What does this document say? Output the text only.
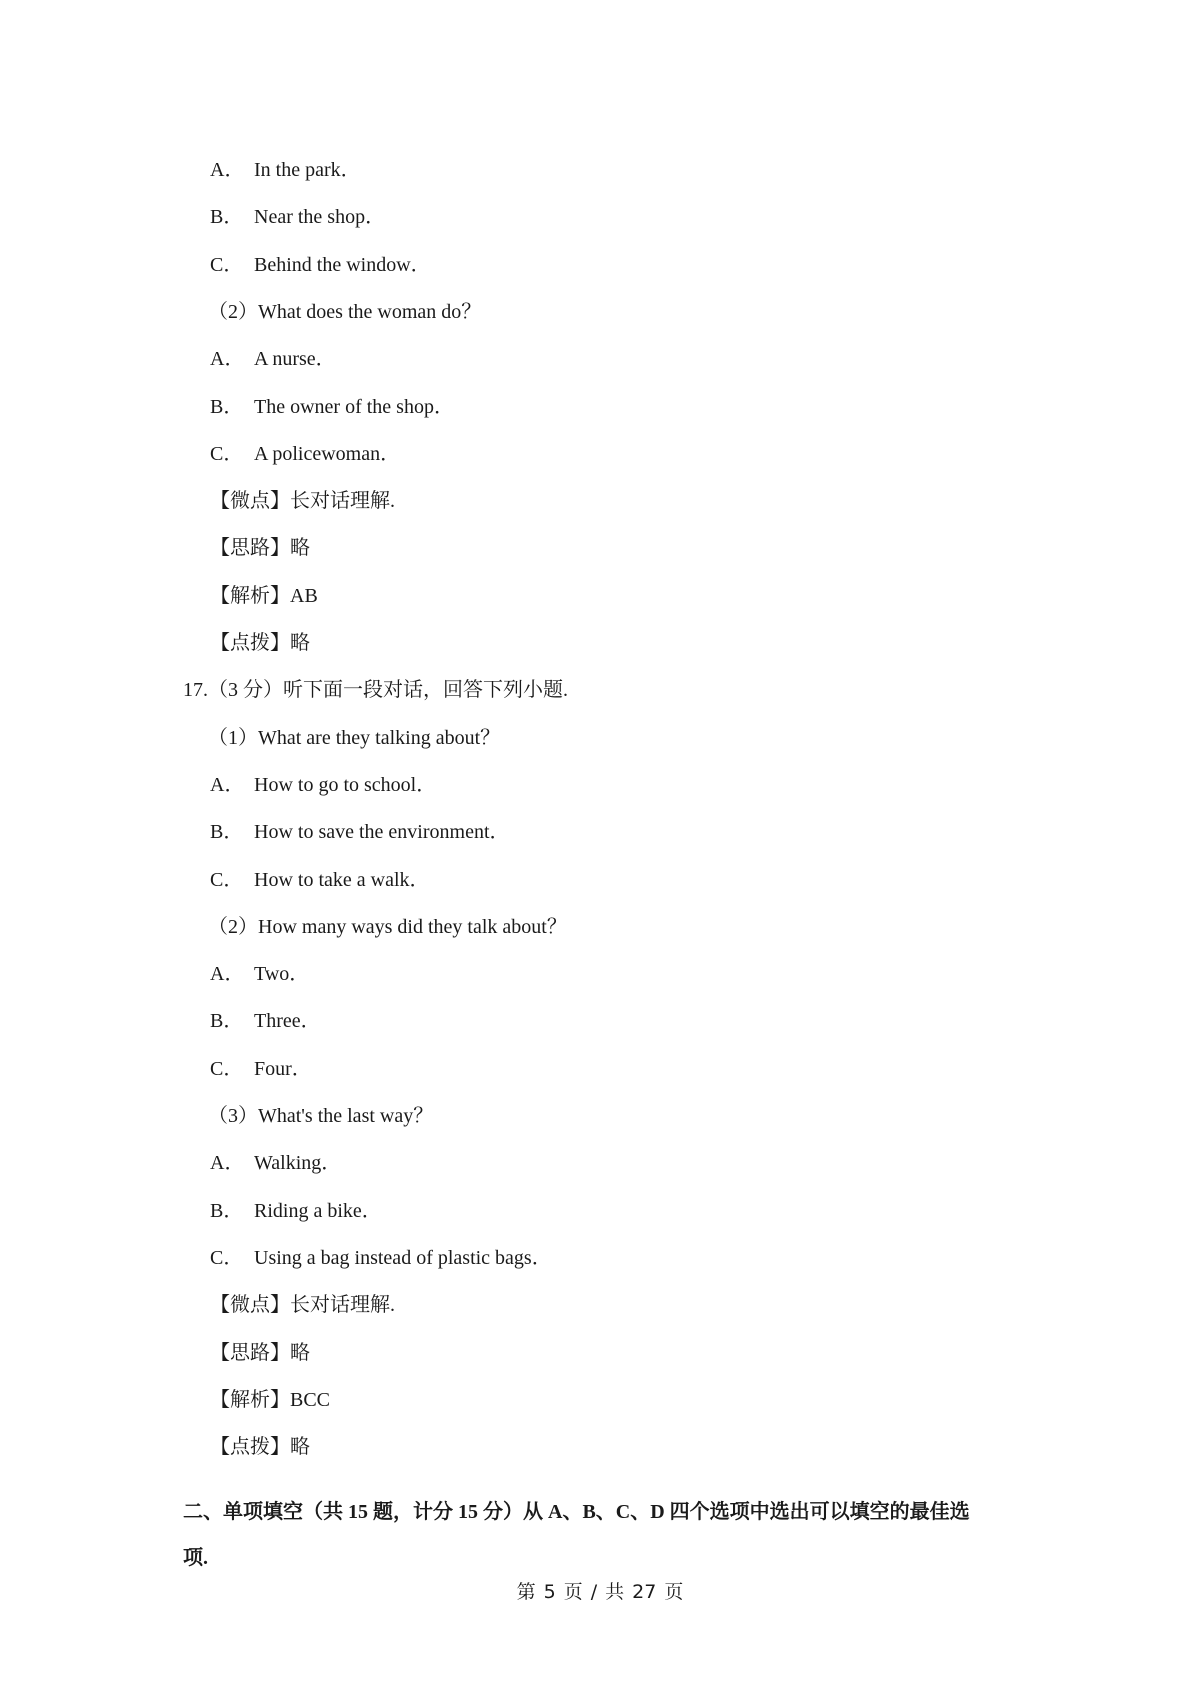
A． In the park．
B． Near the shop．
C． Behind the window．
（2）What does the woman do？
A． A nurse．
B． The owner of the shop．
C． A policewoman．
【微点】长对话理解.
【思路】略
【解析】AB
【点拨】略
17.（3 分）听下面一段对话，回答下列小题.
（1）What are they talking about？
A． How to go to school．
B． How to save the environment．
C． How to take a walk．
（2）How many ways did they talk about？
A． Two．
B． Three．
C． Four．
（3）What's the last way？
A． Walking．
B． Riding a bike．
C． Using a bag instead of plastic bags．
【微点】长对话理解.
【思路】略
【解析】BCC
【点拨】略
二、单项填空（共 15 题，计分 15 分）从 A、B、C、D 四个选项中选出可以填空的最佳选
项.
第 5 页 / 共 27 页
